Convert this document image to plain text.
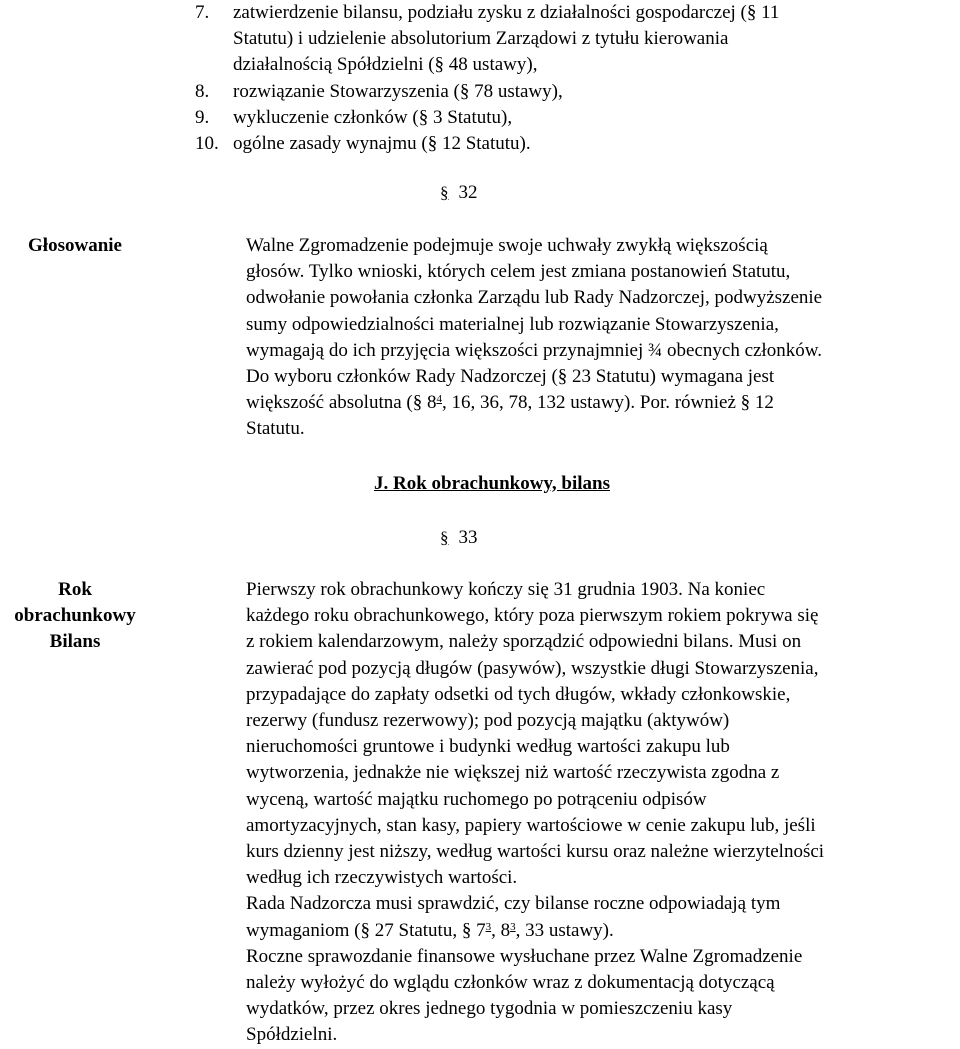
7.	zatwierdzenie bilansu, podziału zysku z działalności gospodarczej (§ 11
Statutu) i udzielenie absolutorium Zarządowi z tytułu kierowania
działalnością Spółdzielni (§ 48 ustawy),
8.	rozwiązanie Stowarzyszenia (§ 78 ustawy),
9.	wykluczenie członków (§ 3 Statutu),
10. ogólne zasady wynajmu (§ 12 Statutu).
§ 32
Głosowanie	Walne Zgromadzenie podejmuje swoje uchwały zwykłą większością
głosów. Tylko wnioski, których celem jest zmiana postanowień Statutu,
odwołanie powołania członka Zarządu lub Rady Nadzorczej, podwyższenie
sumy odpowiedzialności materialnej lub rozwiązanie Stowarzyszenia,
wymagają do ich przyjęcia większości przynajmniej ¾ obecnych członków.
Do wyboru członków Rady Nadzorczej (§ 23 Statutu) wymagana jest
większość absolutna (§ $8^4$, 16, 36, 78, 132 ustawy). Por. również § 12
Statutu.
J. Rok obrachunkowy, bilans
§ 33
Rok
obrachunkowy
Bilans
Pierwszy rok obrachunkowy kończy się 31 grudnia 1903. Na koniec
każdego roku obrachunkowego, który poza pierwszym rokiem pokrywa się
z rokiem kalendarzowym, należy sporządzić odpowiedni bilans. Musi on
zawierać pod pozycją długów (pasywów), wszystkie długi Stowarzyszenia,
przypadające do zapłaty odsetki od tych długów, wkłady członkowskie,
rezerwy (fundusz rezerwowy); pod pozycją majątku (aktywów)
nieruchomości gruntowe i budynki według wartości zakupu lub
wytworzenia, jednakże nie większej niż wartość rzeczywista zgodna z
wyceną, wartość majątku ruchomego po potrąceniu odpisów
amortyzacyjnych, stan kasy, papiery wartościowe w cenie zakupu lub, jeśli
kurs dzienny jest niższy, według wartości kursu oraz należne wierzytelności
według ich rzeczywistych wartości.
Rada Nadzorcza musi sprawdzić, czy bilanse roczne odpowiadają tym
wymaganiom (§ 27 Statutu, § $7^3$, $8^3$, 33 ustawy).
Roczne sprawozdanie finansowe wysłuchane przez Walne Zgromadzenie
należy wyłożyć do wglądu członków wraz z dokumentacją dotyczącą
wydatków, przez okres jednego tygodnia w pomieszczeniu kasy
Spółdzielni.
